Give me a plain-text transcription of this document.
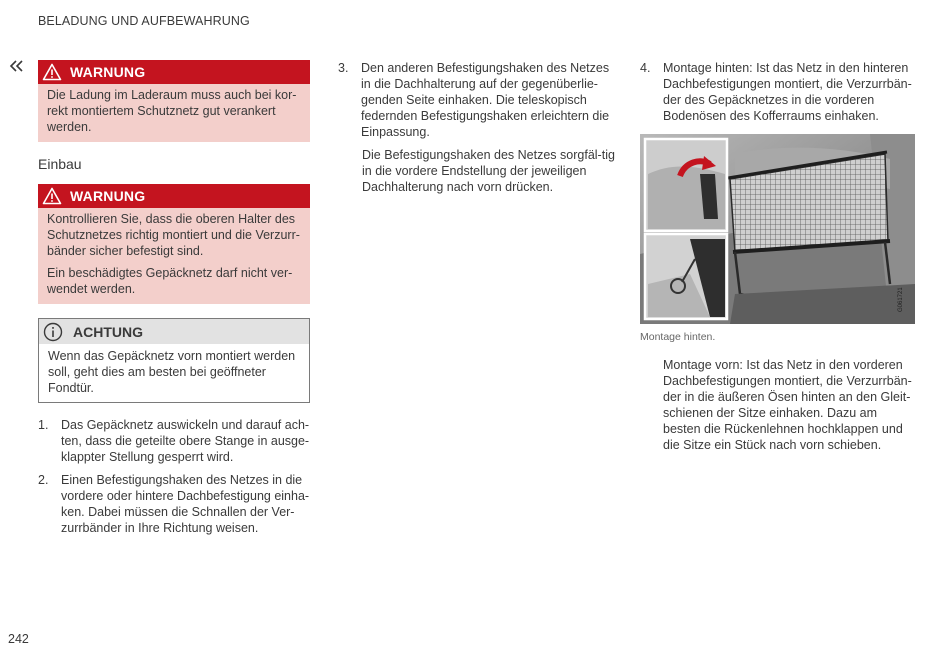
BELADUNG UND AUFBEWAHRUNG
WARNUNG

Die Ladung im Laderaum muss auch bei kor-rekt montiertem Schutznetz gut verankert werden.

Einbau
WARNUNG

Kontrollieren Sie, dass die oberen Halter des Schutznetzes richtig montiert und die Verzurr-bänder sicher befestigt sind.

Ein beschädigtes Gepäcknetz darf nicht ver-wendet werden.

ACHTUNG

Wenn das Gepäcknetz vorn montiert werden soll, geht dies am besten bei geöffneter Fondtür.

1.	Das Gepäcknetz auswickeln und darauf ach-ten, dass die geteilte obere Stange in ausge-klappter Stellung gesperrt wird.
2.	Einen Befestigungshaken des Netzes in die vordere oder hintere Dachbefestigung einha-ken. Dabei müssen die Schnallen der Ver-zurrbänder in Ihre Richtung weisen.
3.	Den anderen Befestigungshaken des Netzes in die Dachhalterung auf der gegenüberlie-genden Seite einhaken. Die teleskopisch federnden Befestigungshaken erleichtern die Einpassung.

Die Befestigungshaken des Netzes sorgfäl-tig in die vordere Endstellung der jeweiligen Dachhalterung nach vorn drücken.

4.	Montage hinten: Ist das Netz in den hinteren Dachbefestigungen montiert, die Verzurrbän-der des Gepäcknetzes in die vorderen Bodenösen des Kofferraums einhaken.
G061721
Montage hinten.

Montage vorn: Ist das Netz in den vorderen Dachbefestigungen montiert, die Verzurrbän-der in die äußeren Ösen hinten an den Gleit-schienen der Sitze einhaken. Dazu am besten die Rückenlehnen hochklappen und die Sitze ein Stück nach vorn schieben.

242
